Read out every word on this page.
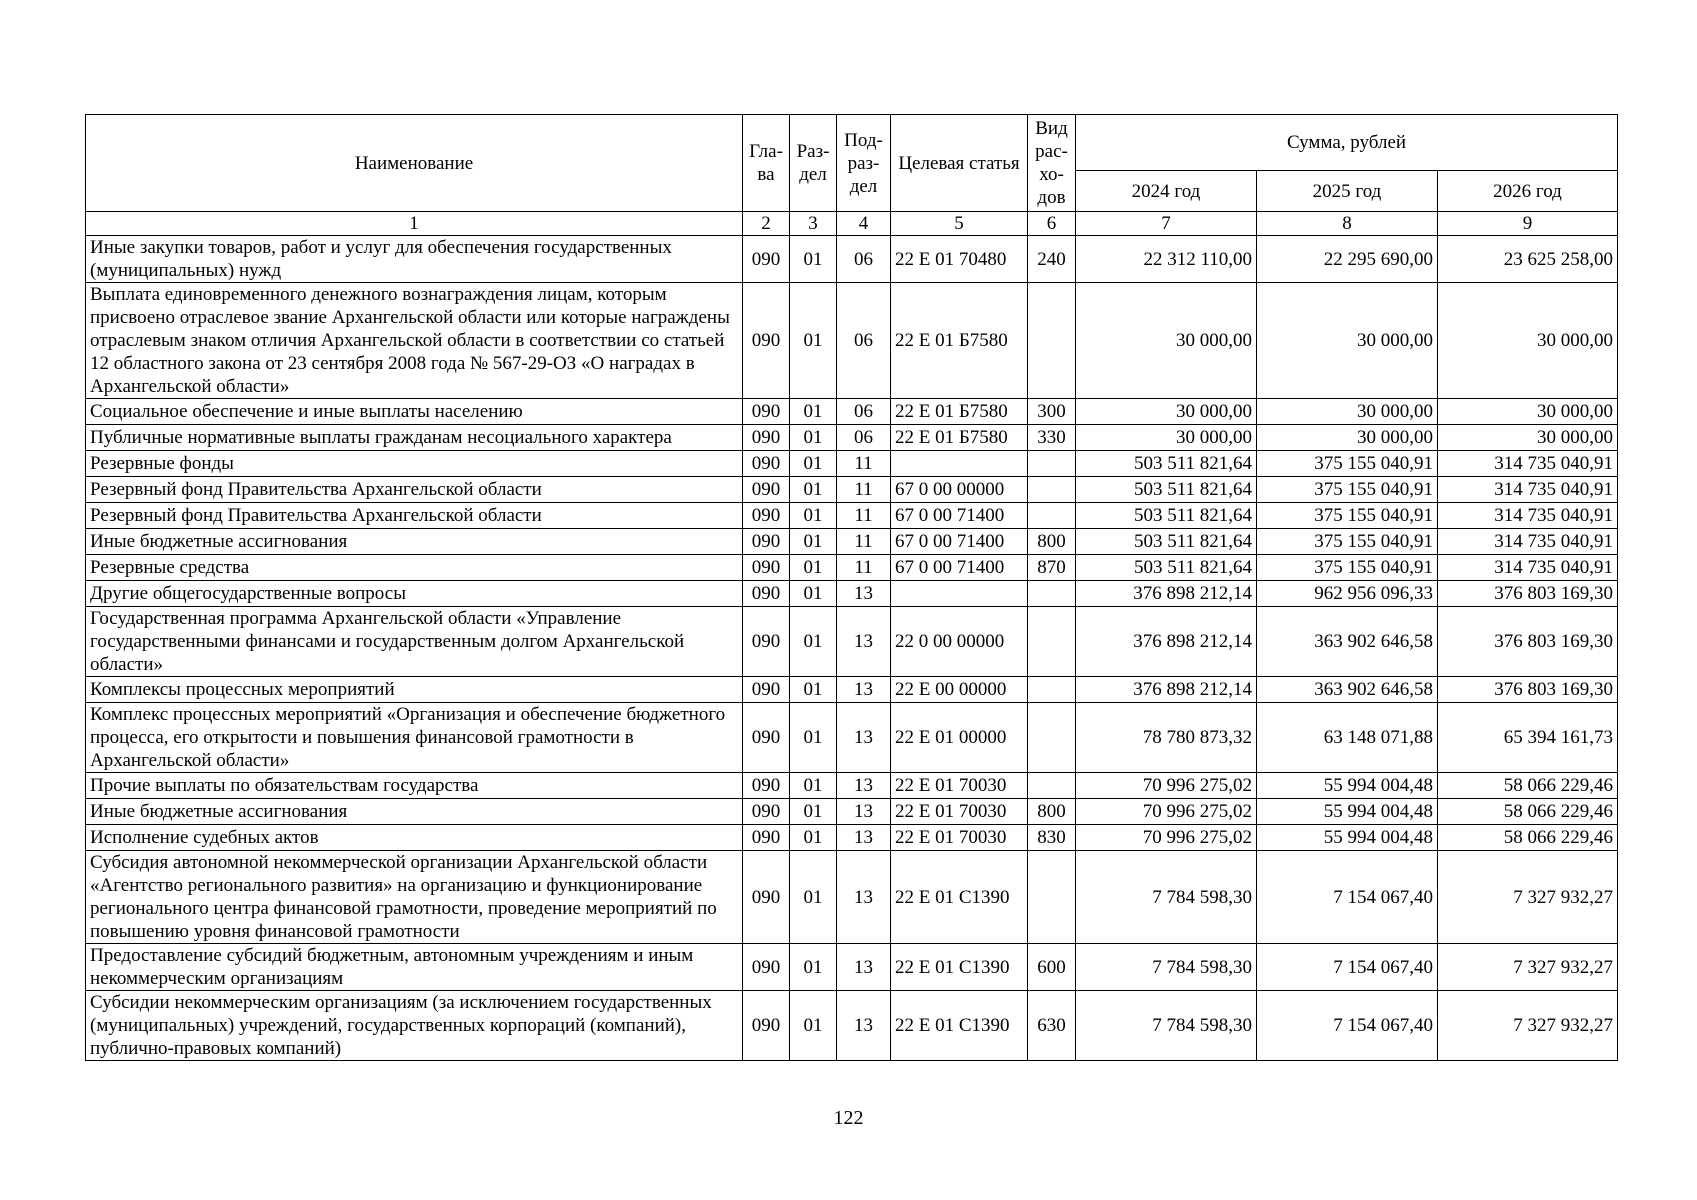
Наименование	Гла-ва	Раз-дел	Под-раз-дел	Целевая статья	Вид рас-хо-дов	Сумма, рублей		
						2024 год	2025 год	2026 год
1	2	3	4	5	6	7	8	9
Иные закупки товаров, работ и услуг для обеспечения государственных (муниципальных) нужд	090	01	06	22 Е 01 70480	240	22 312 110,00	22 295 690,00	23 625 258,00
Выплата единовременного денежного вознаграждения лицам, которым присвоено отраслевое звание Архангельской области или которые награждены отраслевым знаком отличия Архангельской области в соответствии со статьей 12 областного закона от 23 сентября 2008 года № 567-29-ОЗ «О наградах в Архангельской области»	090	01	06	22 Е 01 Б7580		30 000,00	30 000,00	30 000,00
Социальное обеспечение и иные выплаты населению	090	01	06	22 Е 01 Б7580	300	30 000,00	30 000,00	30 000,00
Публичные нормативные выплаты гражданам несоциального характера	090	01	06	22 Е 01 Б7580	330	30 000,00	30 000,00	30 000,00
Резервные фонды	090	01	11			503 511 821,64	375 155 040,91	314 735 040,91
Резервный фонд Правительства Архангельской области	090	01	11	67 0 00 00000		503 511 821,64	375 155 040,91	314 735 040,91
Резервный фонд Правительства Архангельской области	090	01	11	67 0 00 71400		503 511 821,64	375 155 040,91	314 735 040,91
Иные бюджетные ассигнования	090	01	11	67 0 00 71400	800	503 511 821,64	375 155 040,91	314 735 040,91
Резервные средства	090	01	11	67 0 00 71400	870	503 511 821,64	375 155 040,91	314 735 040,91
Другие общегосударственные вопросы	090	01	13			376 898 212,14	962 956 096,33	376 803 169,30
Государственная программа Архангельской области «Управление государственными финансами и государственным долгом Архангельской области»	090	01	13	22 0 00 00000		376 898 212,14	363 902 646,58	376 803 169,30
Комплексы процессных мероприятий	090	01	13	22 Е 00 00000		376 898 212,14	363 902 646,58	376 803 169,30
Комплекс процессных мероприятий «Организация и обеспечение бюджетного процесса, его открытости и повышения финансовой грамотности в Архангельской области»	090	01	13	22 Е 01 00000		78 780 873,32	63 148 071,88	65 394 161,73
Прочие выплаты по обязательствам государства	090	01	13	22 Е 01 70030		70 996 275,02	55 994 004,48	58 066 229,46
Иные бюджетные ассигнования	090	01	13	22 Е 01 70030	800	70 996 275,02	55 994 004,48	58 066 229,46
Исполнение судебных актов	090	01	13	22 Е 01 70030	830	70 996 275,02	55 994 004,48	58 066 229,46
Субсидия автономной некоммерческой организации Архангельской области «Агентство регионального развития» на организацию и функционирование регионального центра финансовой грамотности, проведение мероприятий по повышению уровня финансовой грамотности	090	01	13	22 Е 01 С1390		7 784 598,30	7 154 067,40	7 327 932,27
Предоставление субсидий бюджетным, автономным учреждениям и иным некоммерческим организациям	090	01	13	22 Е 01 С1390	600	7 784 598,30	7 154 067,40	7 327 932,27
Субсидии некоммерческим организациям (за исключением государственных (муниципальных) учреждений, государственных корпораций (компаний), публично-правовых компаний)	090	01	13	22 Е 01 С1390	630	7 784 598,30	7 154 067,40	7 327 932,27
122
